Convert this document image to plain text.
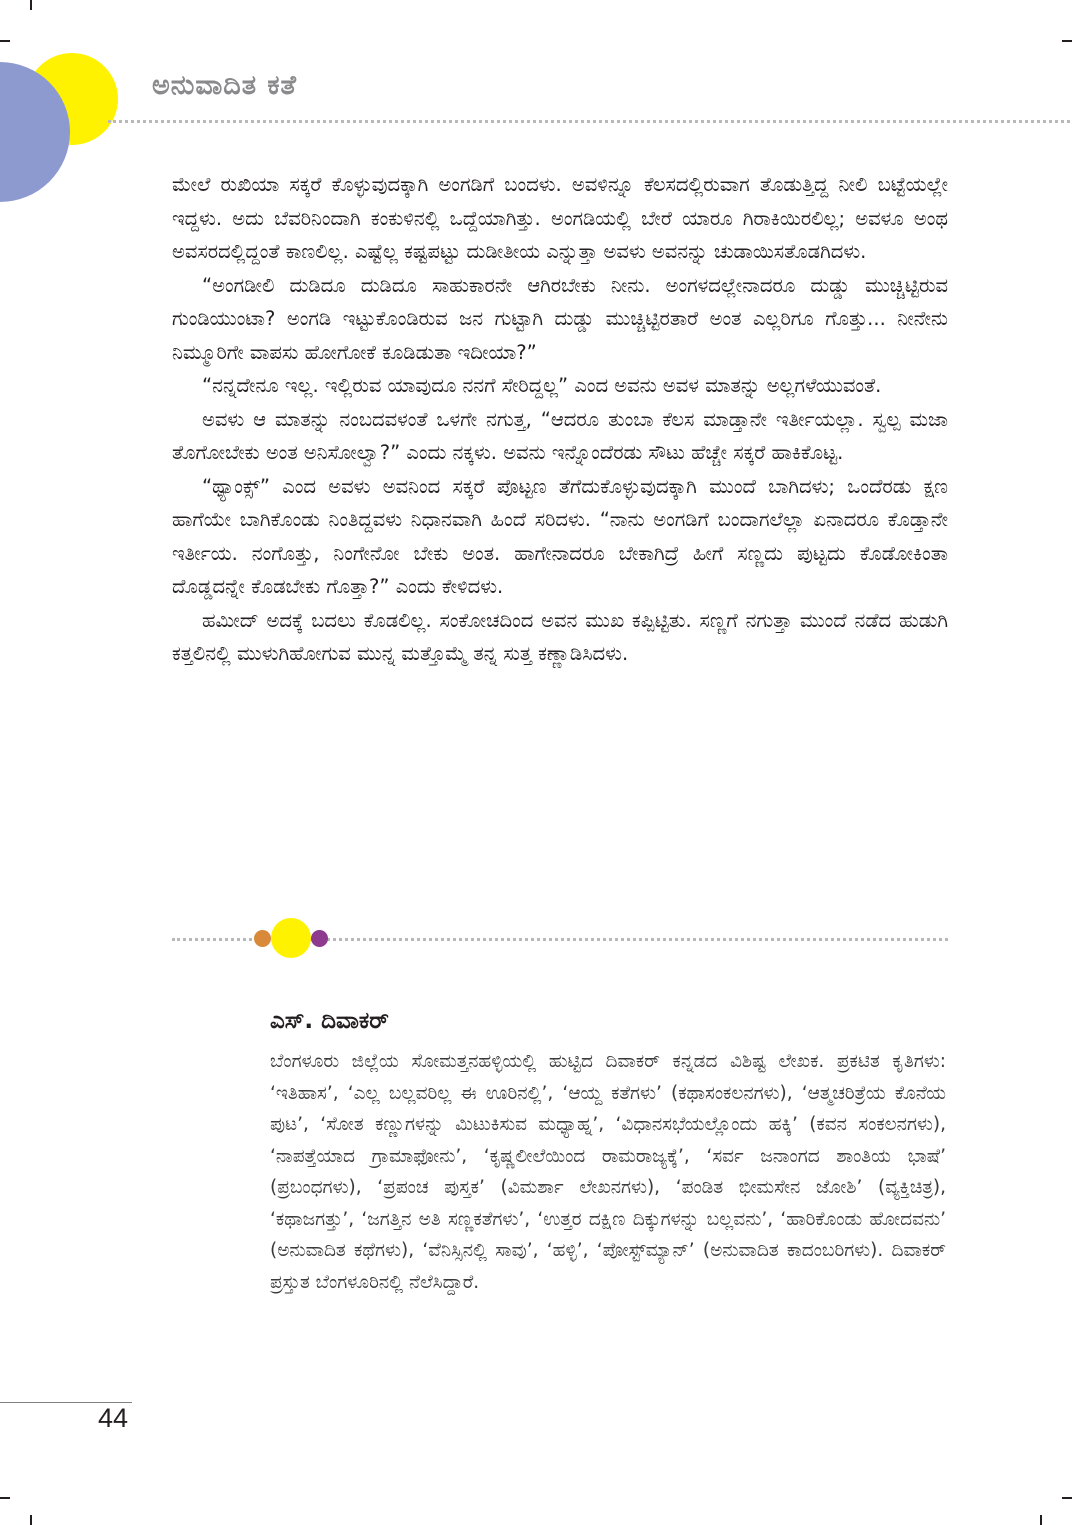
ಅನುವಾದಿತ ಕತೆ

ಮೇಲೆ ರುಖಿಯಾ ಸಕ್ಕರೆ ಕೊಳ್ಳುವುದಕ್ಕಾಗಿ ಅಂಗಡಿಗೆ ಬಂದಳು. ಅವಳಿನ್ನೂ ಕೆಲಸದಲ್ಲಿರುವಾಗ ತೊಡುತ್ತಿದ್ದ ನೀಲಿ ಬಟ್ಟೆಯಲ್ಲೇ ಇದ್ದಳು. ಅದು ಬೆವರಿನಿಂದಾಗಿ ಕಂಕುಳಿನಲ್ಲಿ ಒದ್ದೆಯಾಗಿತ್ತು. ಅಂಗಡಿಯಲ್ಲಿ ಬೇರೆ ಯಾರೂ ಗಿರಾಕಿಯಿರಲಿಲ್ಲ; ಅವಳೂ ಅಂಥ ಅವಸರದಲ್ಲಿದ್ದಂತೆ ಕಾಣಲಿಲ್ಲ. ಎಷ್ಟೆಲ್ಲ ಕಷ್ಟಪಟ್ಟು ದುಡೀತೀಯ ಎನ್ನುತ್ತಾ ಅವಳು ಅವನನ್ನು ಚುಡಾಯಿಸತೊಡಗಿದಳು.

“ಅಂಗಡೀಲಿ ದುಡಿದೂ ದುಡಿದೂ ಸಾಹುಕಾರನೇ ಆಗಿರಬೇಕು ನೀನು. ಅಂಗಳದಲ್ಲೇನಾದರೂ ದುಡ್ಡು ಮುಚ್ಚಿಟ್ಟಿರುವ ಗುಂಡಿಯುಂಟಾ? ಅಂಗಡಿ ಇಟ್ಟುಕೊಂಡಿರುವ ಜನ ಗುಟ್ಟಾಗಿ ದುಡ್ಡು ಮುಚ್ಚಿಟ್ಟಿರತಾರೆ ಅಂತ ಎಲ್ಲರಿಗೂ ಗೊತ್ತು... ನೀನೇನು ನಿಮ್ಮೂರಿಗೇ ವಾಪಸು ಹೋಗೋಕೆ ಕೂಡಿಡುತಾ ಇದೀಯಾ?”

“ನನ್ನದೇನೂ ಇಲ್ಲ. ಇಲ್ಲಿರುವ ಯಾವುದೂ ನನಗೆ ಸೇರಿದ್ದಲ್ಲ” ಎಂದ ಅವನು ಅವಳ ಮಾತನ್ನು ಅಲ್ಲಗಳೆಯುವಂತೆ.

ಅವಳು ಆ ಮಾತನ್ನು ನಂಬದವಳಂತೆ ಒಳಗೇ ನಗುತ್ತ, “ಆದರೂ ತುಂಬಾ ಕೆಲಸ ಮಾಡ್ತಾನೇ ಇರ್ತೀಯಲ್ಲಾ. ಸ್ವಲ್ಪ ಮಜಾ ತೊಗೋಬೇಕು ಅಂತ ಅನಿಸೋಲ್ವಾ?” ಎಂದು ನಕ್ಕಳು. ಅವನು ಇನ್ನೊಂದೆರಡು ಸೌಟು ಹೆಚ್ಚೇ ಸಕ್ಕರೆ ಹಾಕಿಕೊಟ್ಟ.

“ಥ್ಯಾಂಕ್ಸ್” ಎಂದ ಅವಳು ಅವನಿಂದ ಸಕ್ಕರೆ ಪೊಟ್ಟಣ ತೆಗೆದುಕೊಳ್ಳುವುದಕ್ಕಾಗಿ ಮುಂದೆ ಬಾಗಿದಳು; ಒಂದೆರಡು ಕ್ಷಣ ಹಾಗೆಯೇ ಬಾಗಿಕೊಂಡು ನಿಂತಿದ್ದವಳು ನಿಧಾನವಾಗಿ ಹಿಂದೆ ಸರಿದಳು. “ನಾನು ಅಂಗಡಿಗೆ ಬಂದಾಗಲೆಲ್ಲಾ ಏನಾದರೂ ಕೊಡ್ತಾನೇ ಇರ್ತೀಯ. ನಂಗೊತ್ತು, ನಿಂಗೇನೋ ಬೇಕು ಅಂತ. ಹಾಗೇನಾದರೂ ಬೇಕಾಗಿದ್ರೆ ಹೀಗೆ ಸಣ್ಣದು ಪುಟ್ಟದು ಕೊಡೋಕಿಂತಾ ದೊಡ್ಡದನ್ನೇ ಕೊಡಬೇಕು ಗೊತ್ತಾ?” ಎಂದು ಕೇಳಿದಳು.

ಹಮೀದ್ ಅದಕ್ಕೆ ಬದಲು ಕೊಡಲಿಲ್ಲ. ಸಂಕೋಚದಿಂದ ಅವನ ಮುಖ ಕಪ್ಪಿಟ್ಟಿತು. ಸಣ್ಣಗೆ ನಗುತ್ತಾ ಮುಂದೆ ನಡೆದ ಹುಡುಗಿ ಕತ್ತಲಿನಲ್ಲಿ ಮುಳುಗಿಹೋಗುವ ಮುನ್ನ ಮತ್ತೊಮ್ಮೆ ತನ್ನ ಸುತ್ತ ಕಣ್ಣಾಡಿಸಿದಳು.

ಎಸ್. ದಿವಾಕರ್

ಬೆಂಗಳೂರು ಜಿಲ್ಲೆಯ ಸೋಮತ್ತನಹಳ್ಳಿಯಲ್ಲಿ ಹುಟ್ಟಿದ ದಿವಾಕರ್ ಕನ್ನಡದ ವಿಶಿಷ್ಟ ಲೇಖಕ. ಪ್ರಕಟಿತ ಕೃತಿಗಳು: ‘ಇತಿಹಾಸ’, ‘ಎಲ್ಲ ಬಲ್ಲವರಿಲ್ಲ ಈ ಊರಿನಲ್ಲಿ’, ‘ಆಯ್ದ ಕತೆಗಳು’ (ಕಥಾಸಂಕಲನಗಳು), ‘ಆತ್ಮಚರಿತ್ರೆಯ ಕೊನೆಯ ಪುಟ’, ‘ಸೋತ ಕಣ್ಣುಗಳನ್ನು ಮಿಟುಕಿಸುವ ಮಧ್ಯಾಹ್ನ’, ‘ವಿಧಾನಸಭೆಯಲ್ಲೊಂದು ಹಕ್ಕಿ’ (ಕವನ ಸಂಕಲನಗಳು), ‘ನಾಪತ್ತೆಯಾದ ಗ್ರಾಮಾಫೋನು’, ‘ಕೃಷ್ಣಲೀಲೆಯಿಂದ ರಾಮರಾಜ್ಯಕ್ಕೆ’, ‘ಸರ್ವ ಜನಾಂಗದ ಶಾಂತಿಯ ಭಾಷೆ’ (ಪ್ರಬಂಧಗಳು), ‘ಪ್ರಪಂಚ ಪುಸ್ತಕ’ (ವಿಮರ್ಶಾ ಲೇಖನಗಳು), ‘ಪಂಡಿತ ಭೀಮಸೇನ ಜೋಶಿ’ (ವ್ಯಕ್ತಿಚಿತ್ರ), ‘ಕಥಾಜಗತ್ತು’, ‘ಜಗತ್ತಿನ ಅತಿ ಸಣ್ಣಕತೆಗಳು’, ‘ಉತ್ತರ ದಕ್ಷಿಣ ದಿಕ್ಕುಗಳನ್ನು ಬಲ್ಲವನು’, ‘ಹಾರಿಕೊಂಡು ಹೋದವನು’ (ಅನುವಾದಿತ ಕಥೆಗಳು), ‘ವೆನಿಸ್ಸಿನಲ್ಲಿ ಸಾವು’, ‘ಹಳ್ಳಿ’, ‘ಪೋಸ್ಟ್‌ಮ್ಯಾನ್’ (ಅನುವಾದಿತ ಕಾದಂಬರಿಗಳು). ದಿವಾಕರ್ ಪ್ರಸ್ತುತ ಬೆಂಗಳೂರಿನಲ್ಲಿ ನೆಲೆಸಿದ್ದಾರೆ.

44
